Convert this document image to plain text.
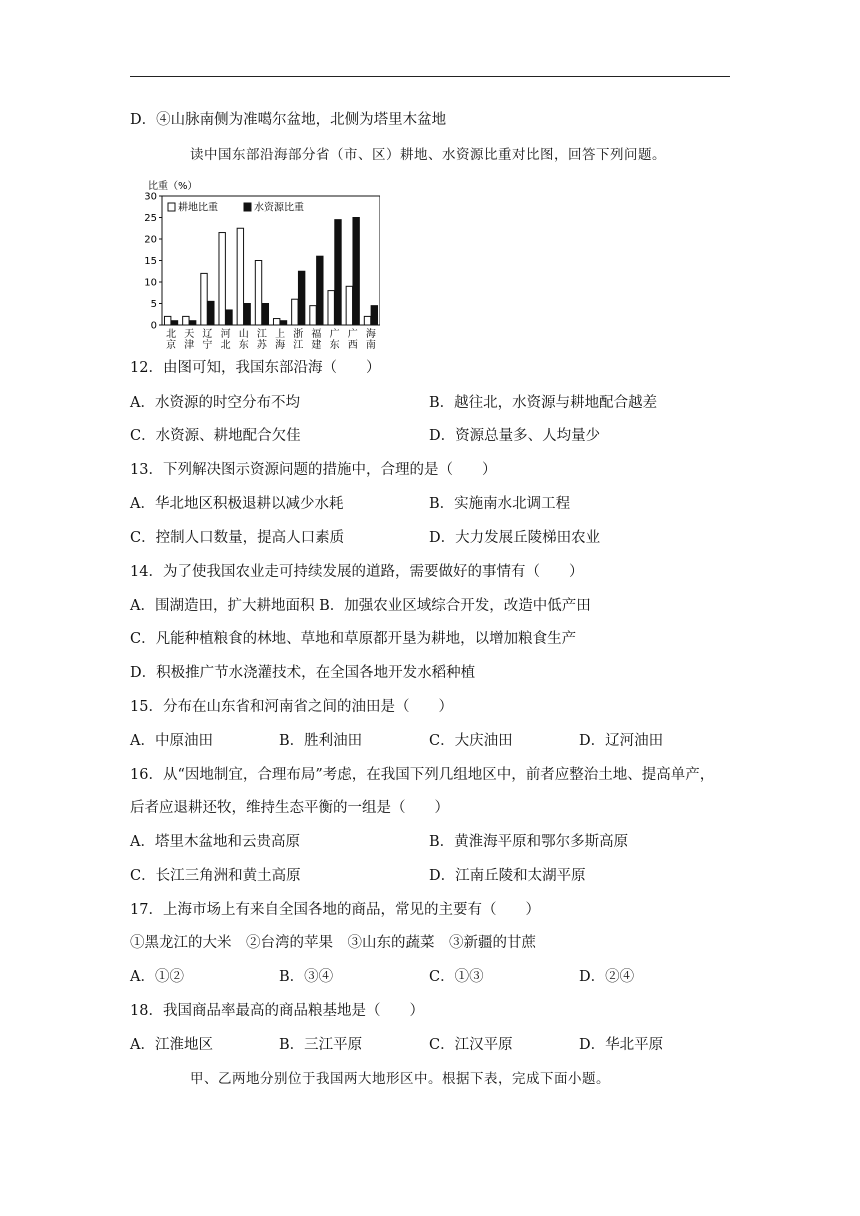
D．④山脉南侧为准噶尔盆地，北侧为塔里木盆地
读中国东部沿海部分省（市、区）耕地、水资源比重对比图，回答下列问题。
比重（%）
0
5
10
15
20
25
30
耕地比重	水资源比重
北
京
天
津
辽
宁
河
北
山
东
江
苏
上
海
浙
江
福
建
广
东
广
西
海
南
12．由图可知，我国东部沿海（　　）
A．水资源的时空分布不均	B．越往北，水资源与耕地配合越差
C．水资源、耕地配合欠佳	D．资源总量多、人均量少
13．下列解决图示资源问题的措施中，合理的是（　　）
A．华北地区积极退耕以减少水耗	B．实施南水北调工程
C．控制人口数量，提高人口素质	D．大力发展丘陵梯田农业
14．为了使我国农业走可持续发展的道路，需要做好的事情有（　　）
A．围湖造田，扩大耕地面积 B．加强农业区域综合开发，改造中低产田
C．凡能种植粮食的林地、草地和草原都开垦为耕地，以增加粮食生产
D．积极推广节水浇灌技术，在全国各地开发水稻种植
15．分布在山东省和河南省之间的油田是（　　）
A．中原油田	B．胜利油田	C．大庆油田	D．辽河油田
16．从“因地制宜，合理布局”考虑，在我国下列几组地区中，前者应整治土地、提高单产，
后者应退耕还牧，维持生态平衡的一组是（　　）
A．塔里木盆地和云贵高原	B．黄淮海平原和鄂尔多斯高原
C．长江三角洲和黄土高原	D．江南丘陵和太湖平原
17．上海市场上有来自全国各地的商品，常见的主要有（　　）
①黑龙江的大米　②台湾的苹果　③山东的蔬菜　③新疆的甘蔗
A．①②	B．③④	C．①③	D．②④
18．我国商品率最高的商品粮基地是（　　）
A．江淮地区	B．三江平原	C．江汉平原	D．华北平原
甲、乙两地分别位于我国两大地形区中。根据下表，完成下面小题。
